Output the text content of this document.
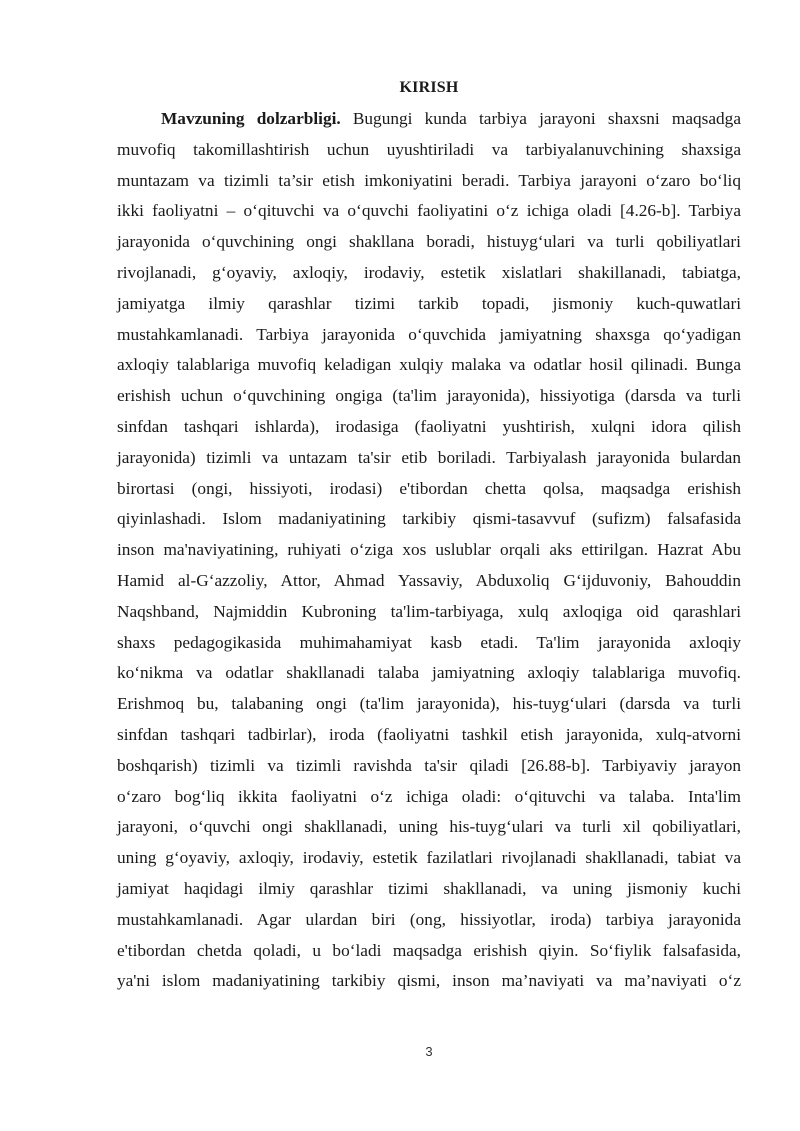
KIRISH
Mavzuning dolzarbligi. Bugungi kunda tarbiya jarayoni shaxsni maqsadga
muvofiq takomillashtirish uchun uyushtiriladi va tarbiyalanuvchining shaxsiga
muntazam va tizimli ta’sir etish imkoniyatini beradi. Tarbiya jarayoni o‘zaro bo‘liq
ikki faoliyatni – o‘qituvchi va o‘quvchi faoliyatini o‘z ichiga oladi [4.26-b]. Tarbiya
jarayonida o‘quvchining ongi shakllana boradi, histuyg‘ulari va turli qobiliyatlari
rivojlanadi, g‘oyaviy, axloqiy, irodaviy, estetik xislatlari shakillanadi, tabiatga,
jamiyatga ilmiy qarashlar tizimi tarkib topadi, jismoniy kuch-quwatlari
mustahkamlanadi. Tarbiya jarayonida o‘quvchida jamiyatning shaxsga qo‘yadigan
axloqiy talablariga muvofiq keladigan xulqiy malaka va odatlar hosil qilinadi. Bunga
erishish uchun o‘quvchining ongiga (ta'lim jarayonida), hissiyotiga (darsda va turli
sinfdan tashqari ishlarda), irodasiga (faoliyatni yushtirish, xulqni idora qilish
jarayonida) tizimli va untazam ta'sir etib boriladi. Tarbiyalash jarayonida bulardan
birortasi (ongi, hissiyoti, irodasi) e'tibordan chetta qolsa, maqsadga erishish
qiyinlashadi. Islom madaniyatining tarkibiy qismi-tasavvuf (sufizm) falsafasida
inson ma'naviyatining, ruhiyati o‘ziga xos uslublar orqali aks ettirilgan. Hazrat Abu
Hamid al-G‘azzoliy, Attor, Ahmad Yassaviy, Abduxoliq G‘ijduvoniy, Bahouddin
Naqshband, Najmiddin Kubroning ta'lim-tarbiyaga, xulq axloqiga oid qarashlari
shaxs pedagogikasida muhimahamiyat kasb etadi. Ta'lim jarayonida axloqiy
ko‘nikma va odatlar shakllanadi talaba jamiyatning axloqiy talablariga muvofiq.
Erishmoq bu, talabaning ongi (ta'lim jarayonida), his-tuyg‘ulari (darsda va turli
sinfdan tashqari tadbirlar), iroda (faoliyatni tashkil etish jarayonida, xulq-atvorni
boshqarish) tizimli va tizimli ravishda ta'sir qiladi [26.88-b]. Tarbiyaviy jarayon
o‘zaro bog‘liq ikkita faoliyatni o‘z ichiga oladi: o‘qituvchi va talaba. Inta'lim
jarayoni, o‘quvchi ongi shakllanadi, uning his-tuyg‘ulari va turli xil qobiliyatlari,
uning g‘oyaviy, axloqiy, irodaviy, estetik fazilatlari rivojlanadi shakllanadi, tabiat va
jamiyat haqidagi ilmiy qarashlar tizimi shakllanadi, va uning jismoniy kuchi
mustahkamlanadi. Agar ulardan biri (ong, hissiyotlar, iroda) tarbiya jarayonida
e'tibordan chetda qoladi, u bo‘ladi maqsadga erishish qiyin. So‘fiylik falsafasida,
ya'ni islom madaniyatining tarkibiy qismi, inson ma’naviyati va ma’naviyati o‘z
3
